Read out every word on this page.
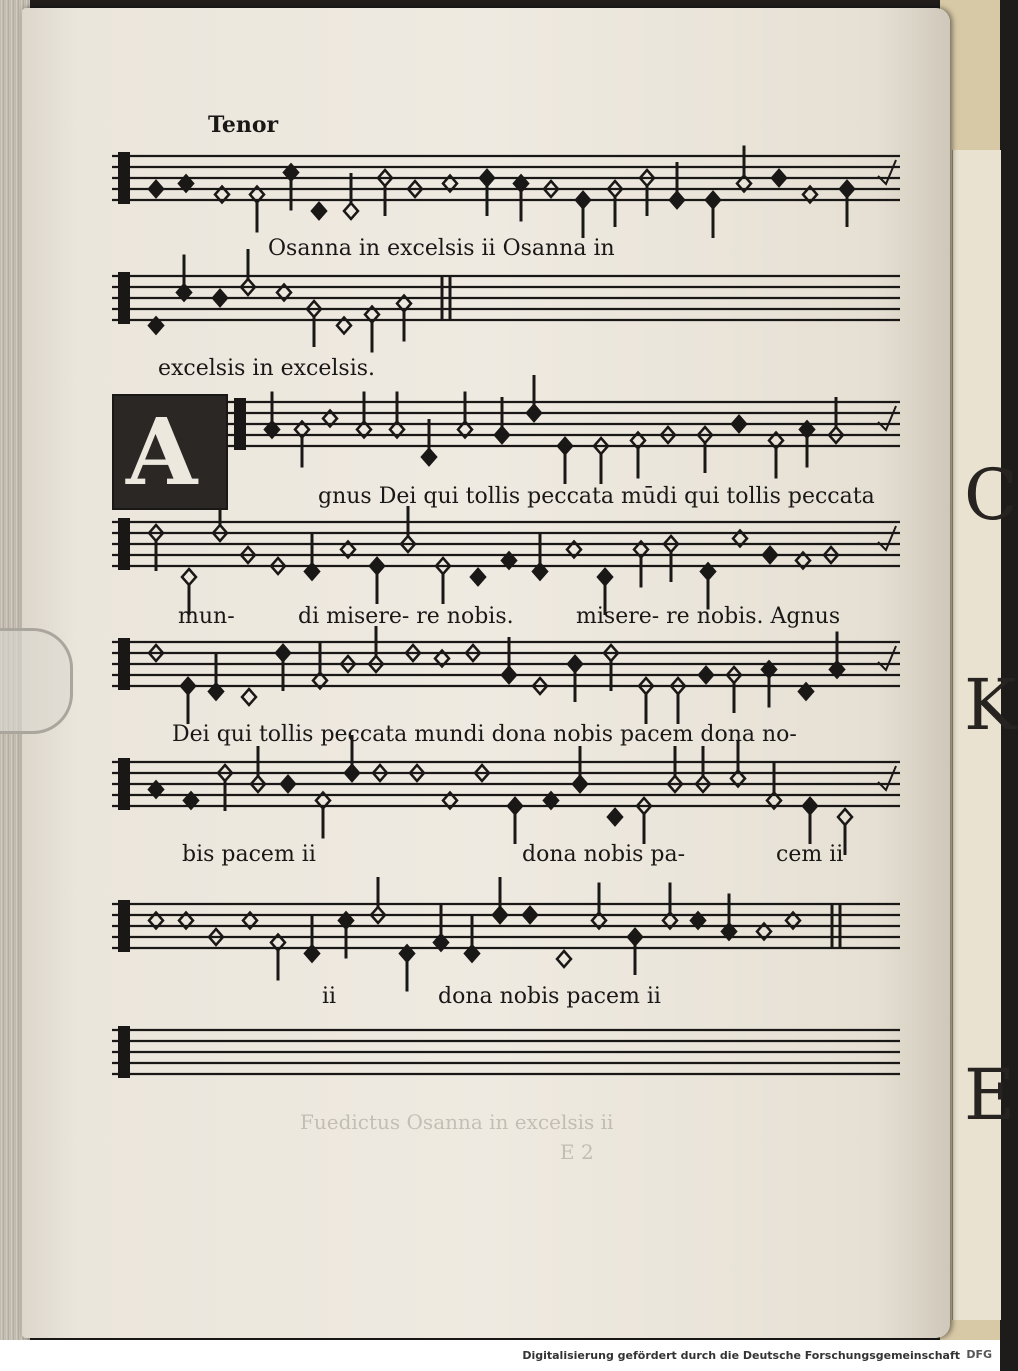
C
K
E
Fuedictus Osanna in excelsis ii
E 2
Tenor
A
Osanna in excelsis ii Osanna in
excelsis in excelsis.
gnus Dei qui tollis peccata mūdi qui tollis peccata
mun-	di misere- re nobis.	misere- re nobis. Agnus
Dei qui tollis peccata mundi dona nobis pacem dona no-
bis pacem ii	dona nobis pa-	cem ii
ii	dona nobis pacem ii
Digitalisierung gefördert durch die Deutsche Forschungsgemeinschaft DFG
